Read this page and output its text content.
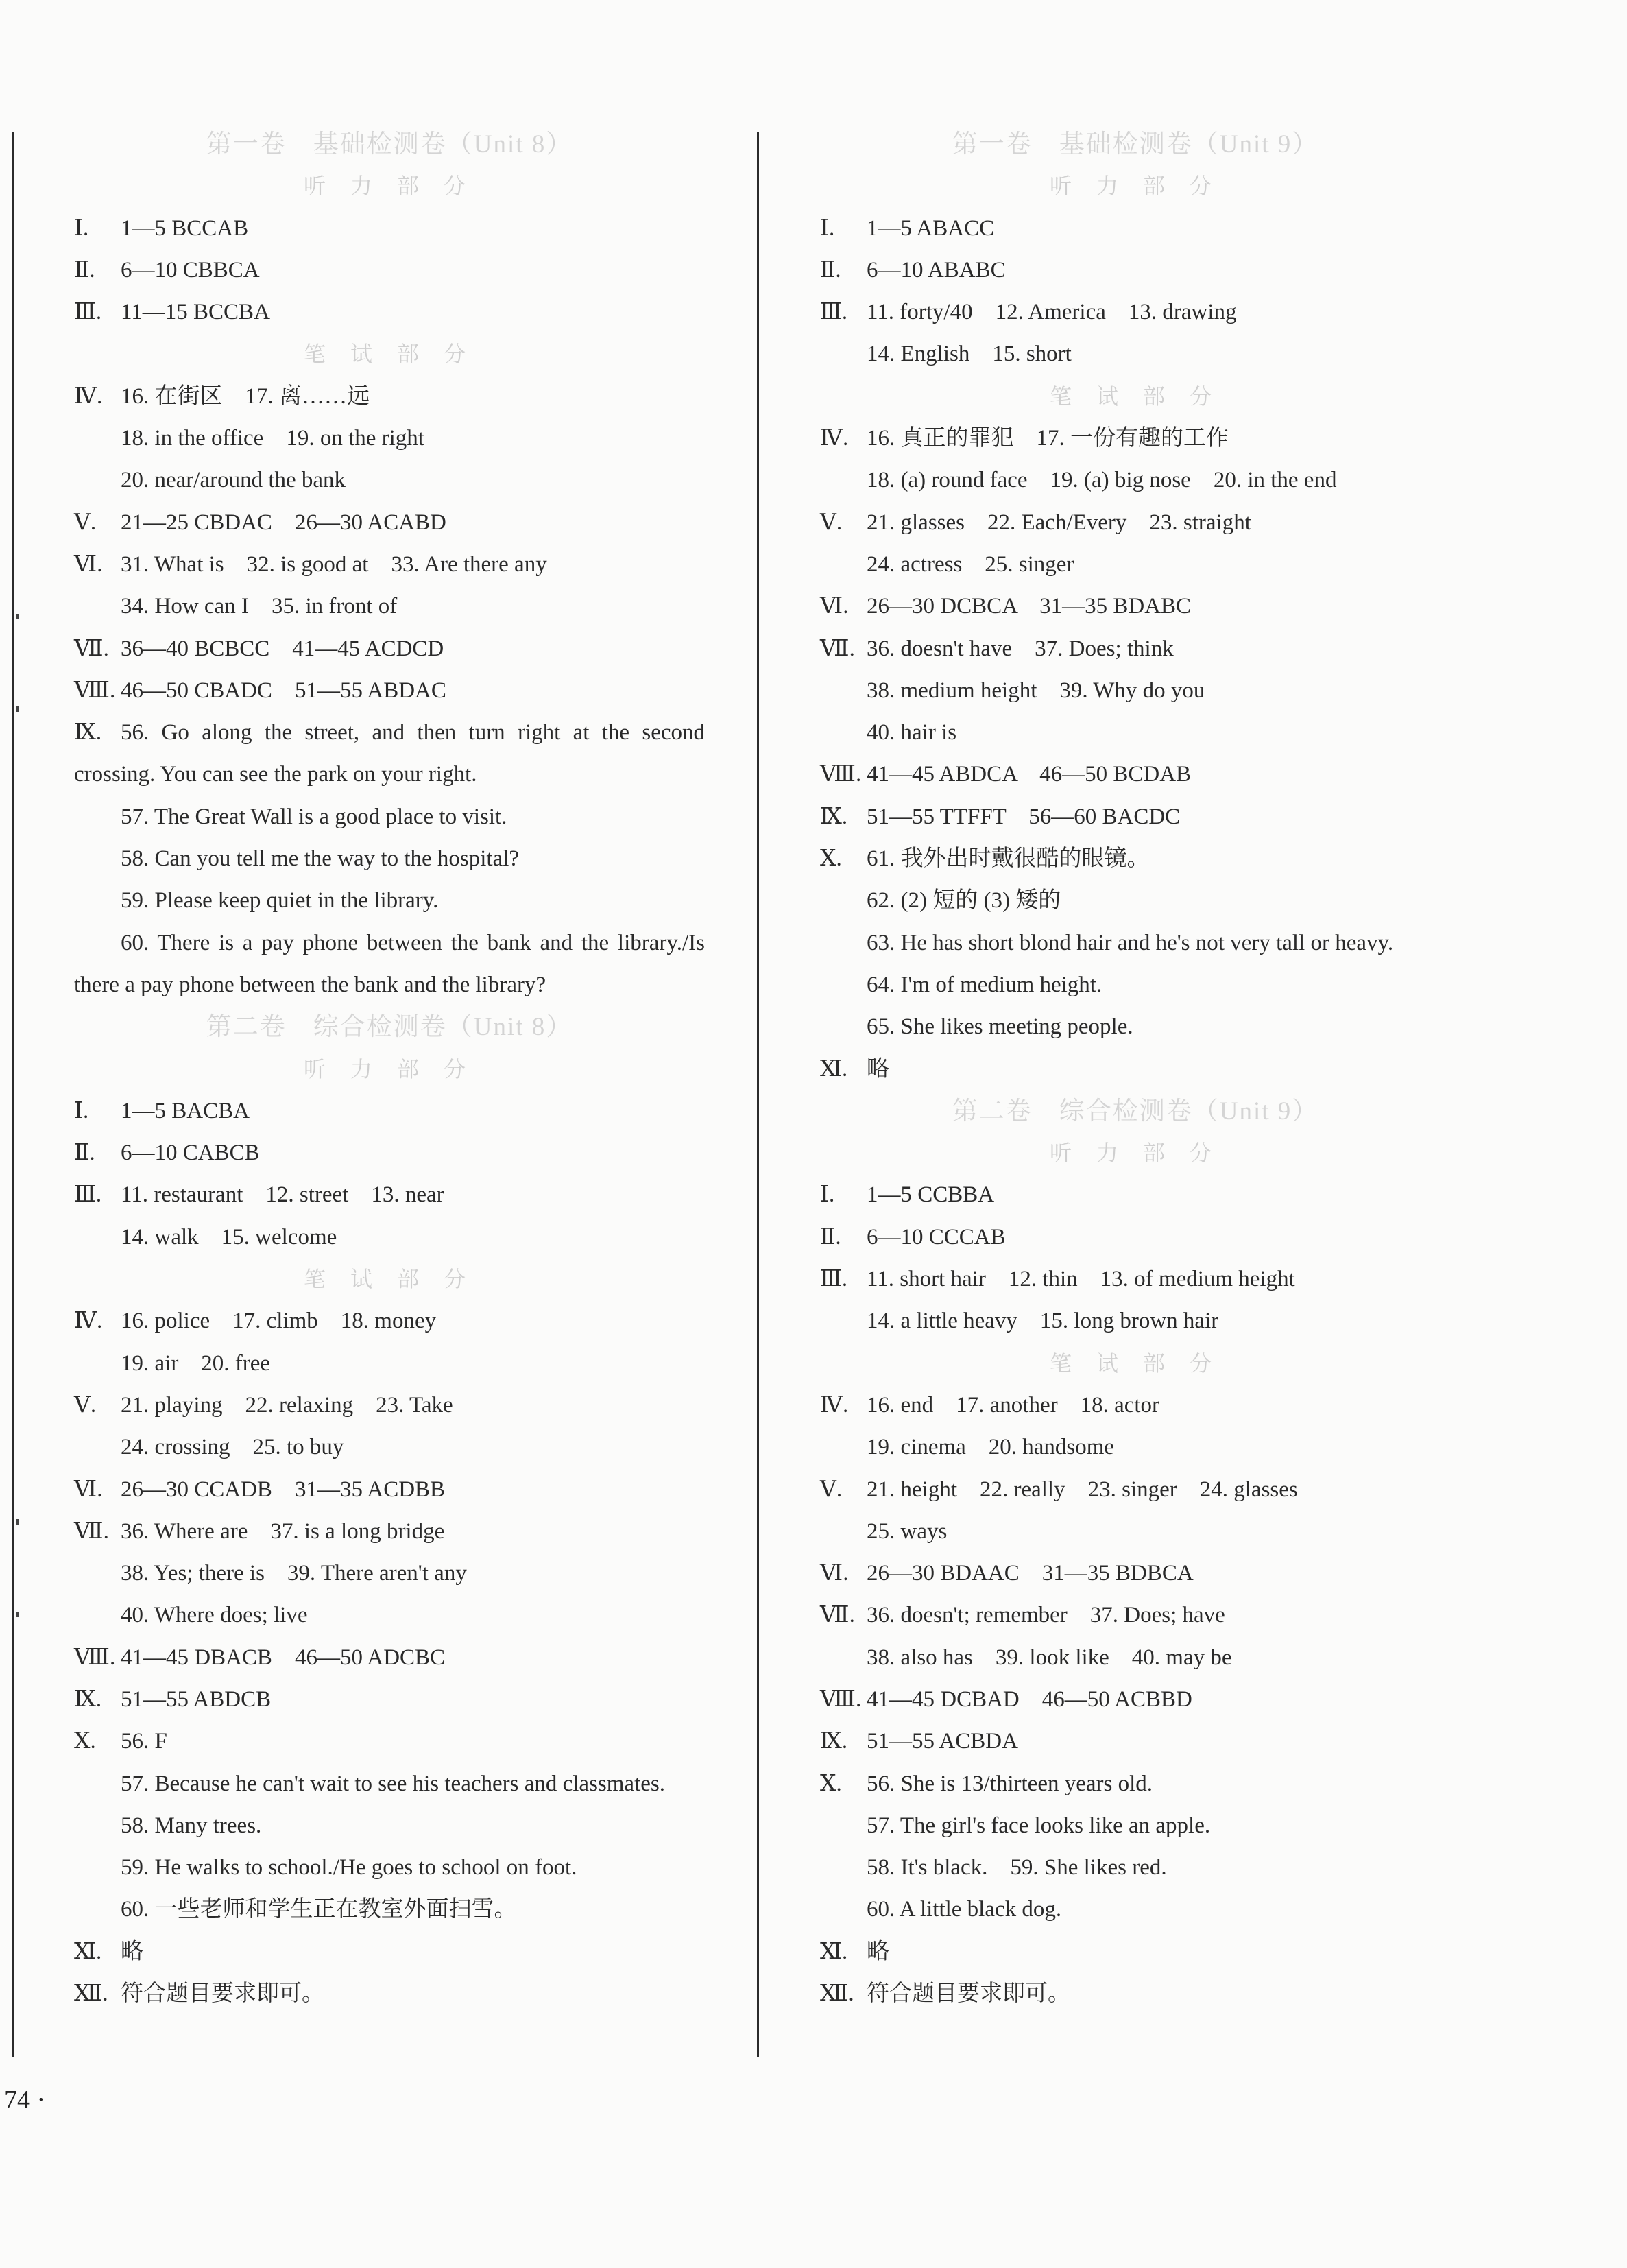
第一卷　基础检测卷（Unit 8）
听 力 部 分
Ⅰ. 1—5 BCCAB
Ⅱ. 6—10 CBBCA
Ⅲ. 11—15 BCCBA
笔 试 部 分
Ⅳ. 16. 在街区　17. 离……远
18. in the office　19. on the right
20. near/around the bank
Ⅴ. 21—25 CBDAC　26—30 ACABD
Ⅵ. 31. What is　32. is good at　33. Are there any
34. How can I　35. in front of
Ⅶ. 36—40 BCBCC　41—45 ACDCD
Ⅷ. 46—50 CBADC　51—55 ABDAC
Ⅸ. 56. Go along the street, and then turn right at the second crossing. You can see the park on your right.
57. The Great Wall is a good place to visit.
58. Can you tell me the way to the hospital?
59. Please keep quiet in the library.
60. There is a pay phone between the bank and the library./Is there a pay phone between the bank and the library?
第二卷　综合检测卷（Unit 8）
听 力 部 分
Ⅰ. 1—5 BACBA
Ⅱ. 6—10 CABCB
Ⅲ. 11. restaurant　12. street　13. near
14. walk　15. welcome
笔 试 部 分
Ⅳ. 16. police　17. climb　18. money
19. air　20. free
Ⅴ. 21. playing　22. relaxing　23. Take
24. crossing　25. to buy
Ⅵ. 26—30 CCADB　31—35 ACDBB
Ⅶ. 36. Where are　37. is a long bridge
38. Yes; there is　39. There aren't any
40. Where does; live
Ⅷ. 41—45 DBACB　46—50 ADCBC
Ⅸ. 51—55 ABDCB
Ⅹ. 56. F
57. Because he can't wait to see his teachers and classmates.
58. Many trees.
59. He walks to school./He goes to school on foot.
60. 一些老师和学生正在教室外面扫雪。
Ⅺ. 略
Ⅻ. 符合题目要求即可。
第一卷　基础检测卷（Unit 9）
听 力 部 分
Ⅰ. 1—5 ABACC
Ⅱ. 6—10 ABABC
Ⅲ. 11. forty/40　12. America　13. drawing
14. English　15. short
笔 试 部 分
Ⅳ. 16. 真正的罪犯　17. 一份有趣的工作
18. (a) round face　19. (a) big nose　20. in the end
Ⅴ. 21. glasses　22. Each/Every　23. straight
24. actress　25. singer
Ⅵ. 26—30 DCBCA　31—35 BDABC
Ⅶ. 36. doesn't have　37. Does; think
38. medium height　39. Why do you
40. hair is
Ⅷ. 41—45 ABDCA　46—50 BCDAB
Ⅸ. 51—55 TTFFT　56—60 BACDC
Ⅹ. 61. 我外出时戴很酷的眼镜。
62. (2) 短的 (3) 矮的
63. He has short blond hair and he's not very tall or heavy.
64. I'm of medium height.
65. She likes meeting people.
Ⅺ. 略
第二卷　综合检测卷（Unit 9）
听 力 部 分
Ⅰ. 1—5 CCBBA
Ⅱ. 6—10 CCCAB
Ⅲ. 11. short hair　12. thin　13. of medium height
14. a little heavy　15. long brown hair
笔 试 部 分
Ⅳ. 16. end　17. another　18. actor
19. cinema　20. handsome
Ⅴ. 21. height　22. really　23. singer　24. glasses
25. ways
Ⅵ. 26—30 BDAAC　31—35 BDBCA
Ⅶ. 36. doesn't; remember　37. Does; have
38. also has　39. look like　40. may be
Ⅷ. 41—45 DCBAD　46—50 ACBBD
Ⅸ. 51—55 ACBDA
Ⅹ. 56. She is 13/thirteen years old.
57. The girl's face looks like an apple.
58. It's black.　59. She likes red.
60. A little black dog.
Ⅺ. 略
Ⅻ. 符合题目要求即可。
74 ·
